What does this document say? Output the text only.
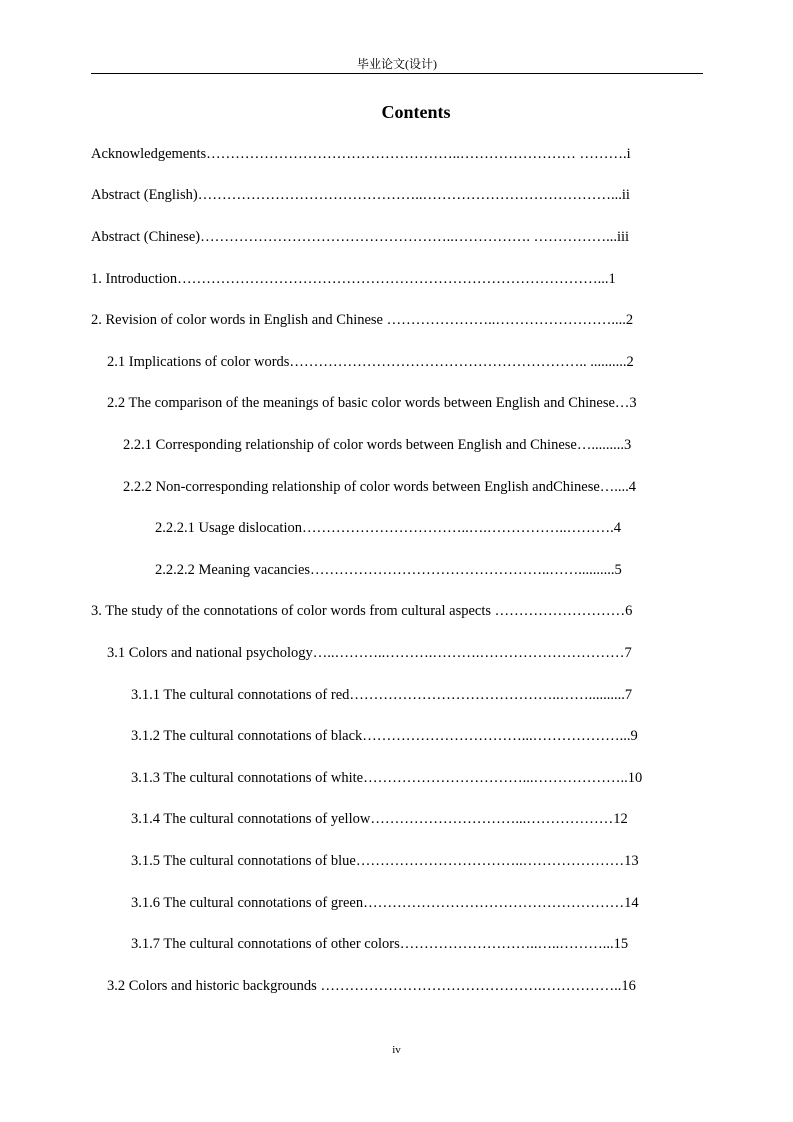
毕业论文(设计)
Contents
Acknowledgements……………………………………………..…………………… ……….i
Abstract (English)………………………………………..…………………………………...ii
Abstract (Chinese)……………………………………………..……………. ……………...iii
1. Introduction……………………………………………………………………………...1
2. Revision of color words in English and Chinese …………………..……………………....2
2.1 Implications of color words…………………………………………………….. ..........2
2.2 The comparison of the meanings of basic color words between English and Chinese…3
2.2.1 Corresponding relationship of color words between English and Chinese….........3
2.2.2 Non-corresponding relationship of color words between English andChinese…....4
2.2.2.1 Usage dislocation……………………………..….……………..……….4
2.2.2.2 Meaning vacancies…………………………………………..……..........5
3. The study of the connotations of color words from cultural aspects ………………………6
3.1 Colors and national psychology…..………..……….……….…………………………7
3.1.1 The cultural connotations of red……………………………………..……..........7
3.1.2 The cultural connotations of black……………………………...………………...9
3.1.3 The cultural connotations of white……………………………...………………..10
3.1.4 The cultural connotations of yellow…………………………...………………12
3.1.5 The cultural connotations of blue……………………………..…………………13
3.1.6 The cultural connotations of green………………………………………………14
3.1.7 The cultural connotations of other colors………………………..…..………...15
3.2 Colors and historic backgrounds ……………………………………….……………..16
iv
